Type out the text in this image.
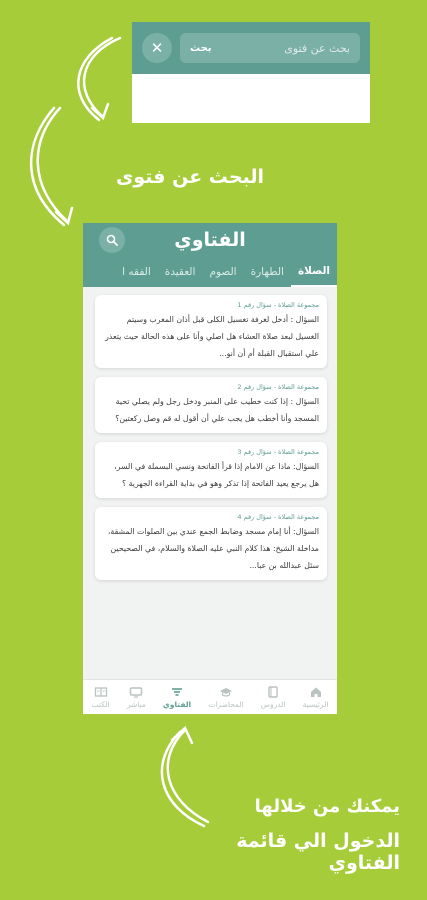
✕
بحث عن فتوى	بحث
البحث عن فتوى
الفتاوي
الصلاة
الطهارة
الصوم
العقيدة
الفقه ا
مجموعة الصلاة - سؤال رقم 1
السؤال : أدخل لغرفة تغسيل الكلى قبل أذان المغرب وسيتم الغسيل لبعد صلاة العشاء هل اصلي وأنا على هذه الحالة حيث يتعذر علي استقبال القبلة أم أن أنو...
مجموعة الصلاة - سؤال رقم 2
السؤال : إذا كنت خطيب على المنبر ودخل رجل ولم يصلي تحية المسجد وأنا أخطب هل يجب علي أن أقول له قم وصل ركعتين؟
مجموعة الصلاة - سؤال رقم 3
السؤال: ماذا عن الامام إذا قرأ الفاتحة ونسي البسملة في السر، هل يرجع يعيد الفاتحة إذا تذكر وهو في بداية القراءة الجهرية ؟
مجموعة الصلاة - سؤال رقم 4
السؤال: أنا إمام مسجد وضابط الجمع عندي بين الصلوات المشقة، مداخلة الشيخ: هذا كلام النبي عليه الصلاة والسلام، في الصحيحين سئل عبدالله بن عبا...
الرئيسية
الدروس
المحاضرات
الفتاوي
مباشر
الكتب
يمكنك من خلالها
الدخول الي قائمة الفتاوي
